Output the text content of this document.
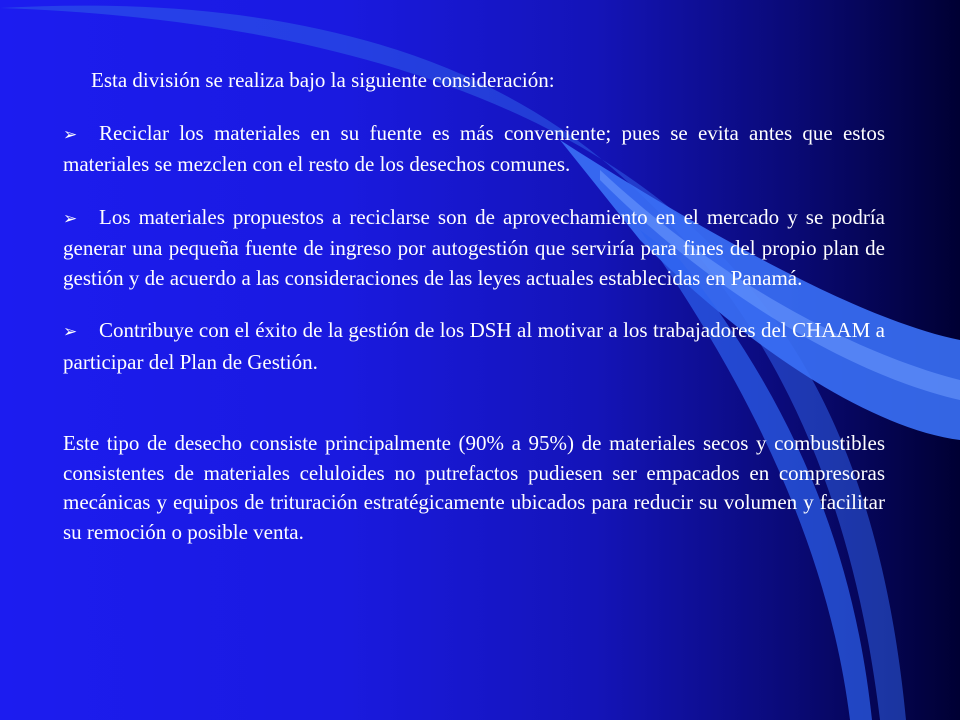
Esta división se realiza bajo la siguiente consideración:

➢ Reciclar los materiales en su fuente es más conveniente; pues se evita antes que estos materiales se mezclen con el resto de los desechos comunes.

➢ Los materiales propuestos a reciclarse son de aprovechamiento en el mercado y se podría generar una pequeña fuente de ingreso por autogestión que serviría para fines del propio plan de gestión y de acuerdo a las consideraciones de las leyes actuales establecidas en Panamá.

➢ Contribuye con el éxito de la gestión de los DSH al motivar a los trabajadores del CHAAM a participar del Plan de Gestión.

Este tipo de desecho consiste principalmente (90% a 95%) de materiales secos y combustibles consistentes de materiales celuloides no putrefactos pudiesen ser empacados en compresoras mecánicas y equipos de trituración estratégicamente ubicados para reducir su volumen y facilitar su remoción o posible venta.
